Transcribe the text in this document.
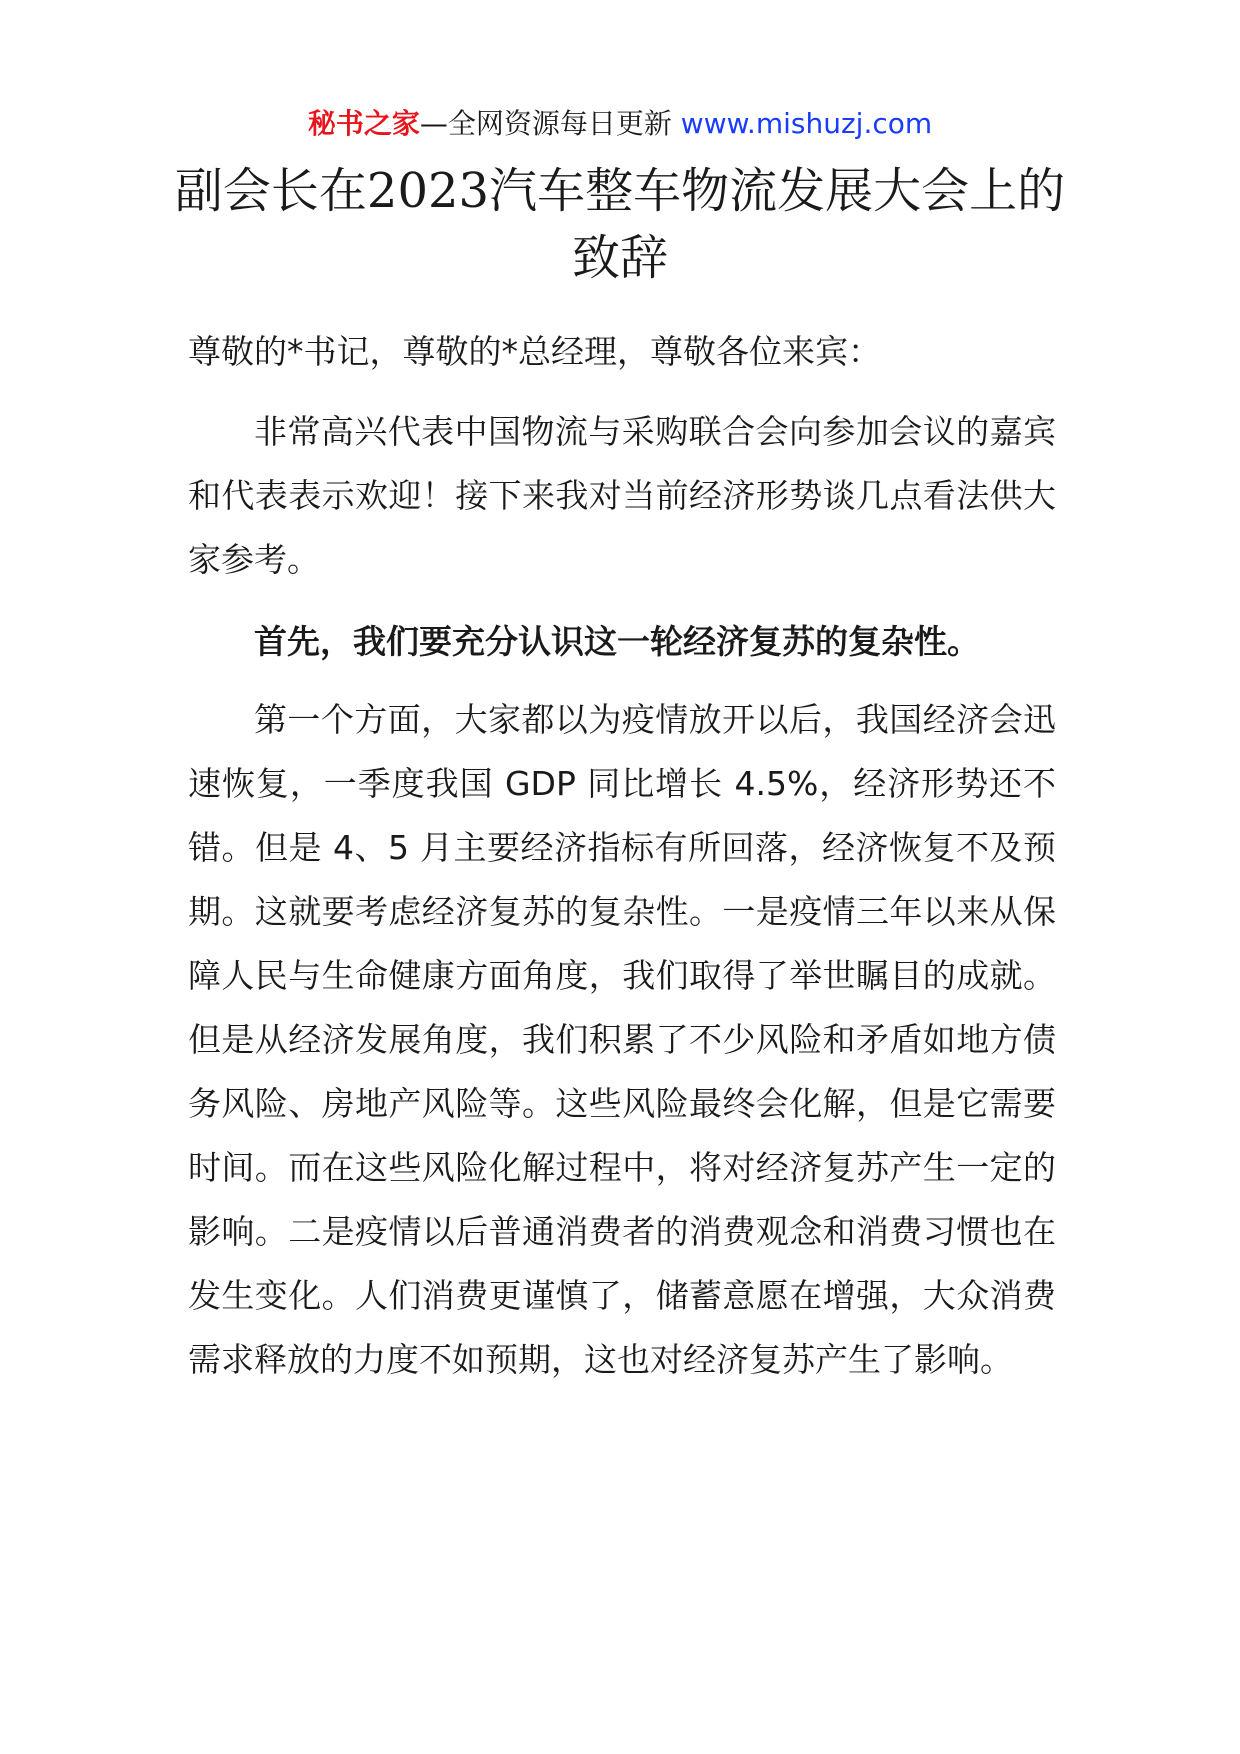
秘书之家—全网资源每日更新 www.mishuzj.com
副会长在2023汽车整车物流发展大会上的致辞
尊敬的*书记，尊敬的*总经理，尊敬各位来宾：
非常高兴代表中国物流与采购联合会向参加会议的嘉宾和代表表示欢迎！接下来我对当前经济形势谈几点看法供大家参考。
首先，我们要充分认识这一轮经济复苏的复杂性。
第一个方面，大家都以为疫情放开以后，我国经济会迅速恢复，一季度我国 GDP 同比增长 4.5%，经济形势还不错。但是 4、5 月主要经济指标有所回落，经济恢复不及预期。这就要考虑经济复苏的复杂性。一是疫情三年以来从保障人民与生命健康方面角度，我们取得了举世瞩目的成就。但是从经济发展角度，我们积累了不少风险和矛盾如地方债务风险、房地产风险等。这些风险最终会化解，但是它需要时间。而在这些风险化解过程中，将对经济复苏产生一定的影响。二是疫情以后普通消费者的消费观念和消费习惯也在发生变化。人们消费更谨慎了，储蓄意愿在增强，大众消费需求释放的力度不如预期，这也对经济复苏产生了影响。
